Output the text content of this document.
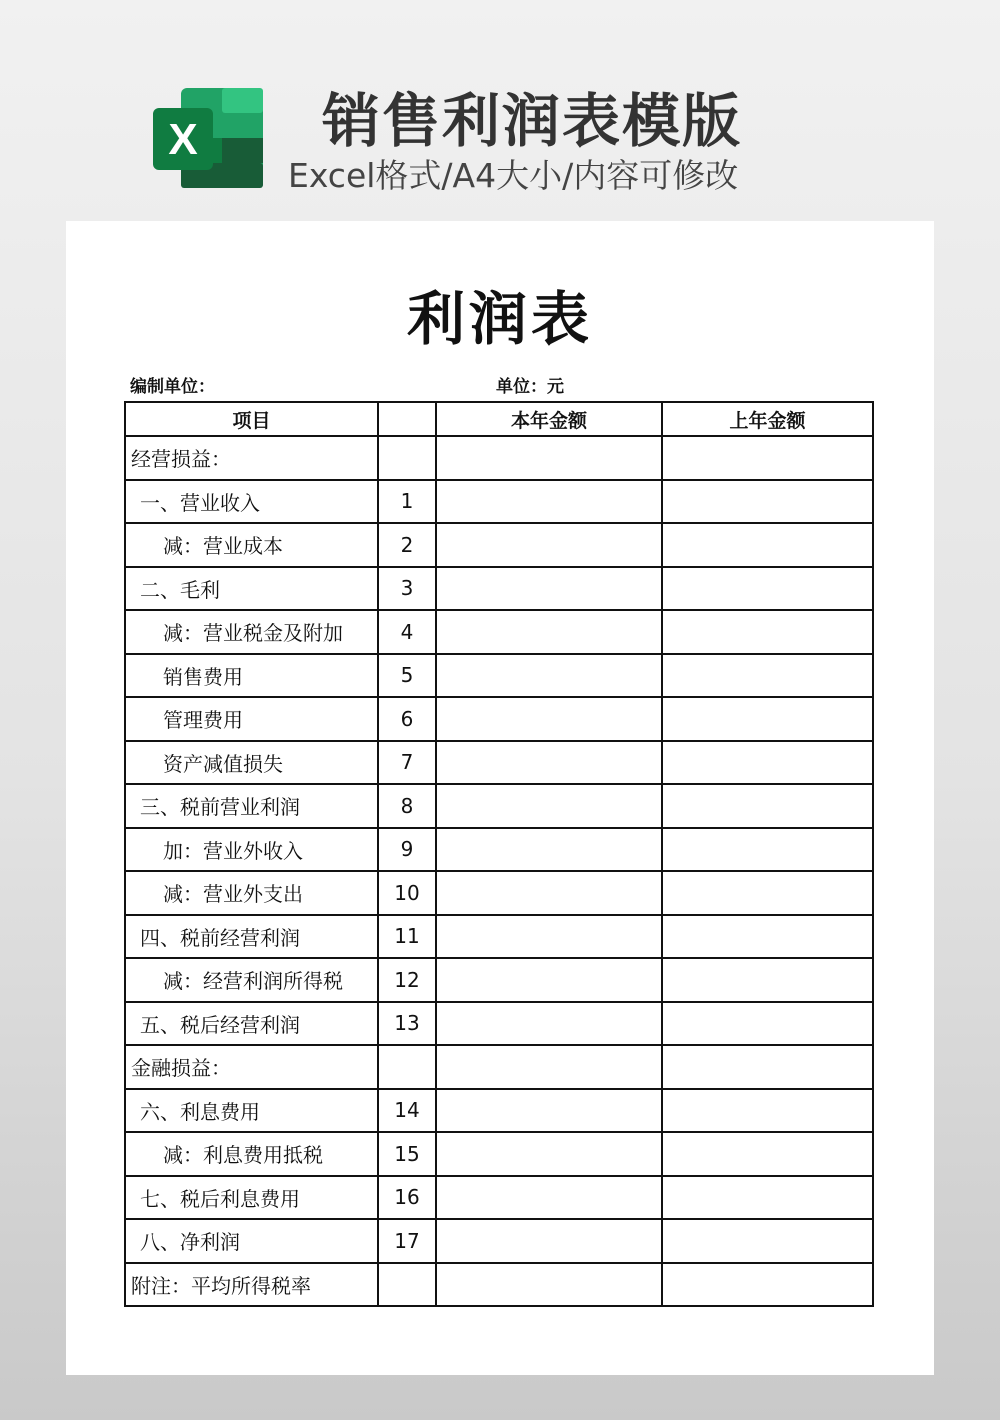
X 销售利润表模版
Excel格式/A4大小/内容可修改
利润表
编制单位：	单位：元
项目		本年金额	上年金额
经营损益：			
一、营业收入	1		
减：营业成本	2		
二、毛利	3		
减：营业税金及附加	4		
销售费用	5		
管理费用	6		
资产减值损失	7		
三、税前营业利润	8		
加：营业外收入	9		
减：营业外支出	10		
四、税前经营利润	11		
减：经营利润所得税	12		
五、税后经营利润	13		
金融损益：			
六、利息费用	14		
减：利息费用抵税	15		
七、税后利息费用	16		
八、净利润	17		
附注：平均所得税率			
